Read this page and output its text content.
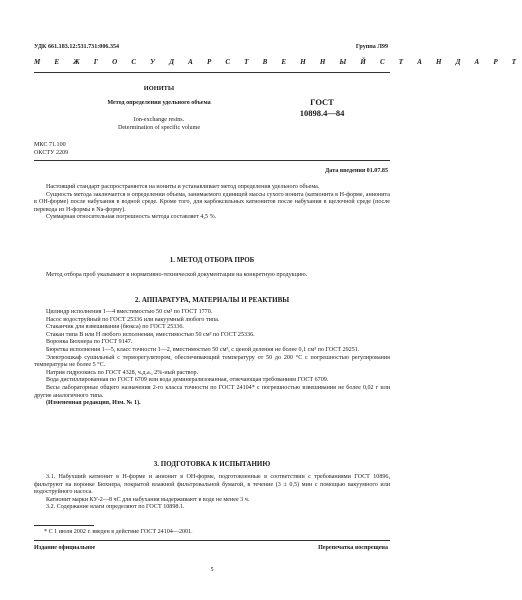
УДК 661.183.12:531.731:006.354	Группа Л99
М Е Ж Г О С У Д А Р С Т В Е Н Н Ы Й С Т А Н Д А Р Т
ИОНИТЫ
Метод определения удельного объема
Ion-exchange resins.
Determination of specific volume
ГОСТ
10898.4—84
МКС 71.100
ОКСТУ 2209
Дата введения 01.07.85

Настоящий стандарт распространяется на иониты и устанавливает метод определения удельного объема.

Сущность метода заключается в определении объема, занимаемого единицей массы сухого ионита (катионита в Н-форме, анионита в ОН-форме) после набухания в водной среде. Кроме того, для карбоксильных катионитов после набухания в щелочной среде (после перевода из Н-формы в Na-форму).

Суммарная относительная погрешность метода составляет 4,5 %.

1. МЕТОД ОТБОРА ПРОБ
Метод отбора проб указывают в нормативно-технической документации на конкретную продукцию.
2. АППАРАТУРА, МАТЕРИАЛЫ И РЕАКТИВЫ

Цилиндр исполнения 1—4 вместимостью 50 см³ по ГОСТ 1770.

Насос водоструйный по ГОСТ 25336 или вакуумный любого типа.

Стаканчик для взвешивания (бюкса) по ГОСТ 25336.

Стакан типа В или Н любого исполнения, вместимостью 50 см³ по ГОСТ 25336.

Воронка Бюхнера по ГОСТ 9147.

Бюретка исполнения 1—5, класс точности 1—2, вместимостью 50 см³, с ценой деления не более 0,1 см³ по ГОСТ 29251.

Электрошкаф сушильный с терморегулятором, обеспечивающий температуру от 50 до 200 °С с погрешностью регулирования температуры не более 5 °С.

Натрия гидроокись по ГОСТ 4328, ч.д.а., 2%-ный раствор.

Вода дистиллированная по ГОСТ 6709 или вода деминерализованная, отвечающая требованиям ГОСТ 6709.

Весы лабораторные общего назначения 2-го класса точности по ГОСТ 24104* с погрешностью взвешивания не более 0,02 г или другие аналогичного типа.

(Измененная редакция, Изм. № 1).

3. ПОДГОТОВКА К ИСПЫТАНИЮ

3.1. Набухший катионит в Н-форме и анионит в ОН-форме, подготовленные в соответствии с требованиями ГОСТ 10896, фильтруют на воронке Бюхнера, покрытой влажной фильтровальной бумагой, в течение (3 ± 0,5) мин с помощью вакуумного или водоструйного насоса.

Катионит марки КУ-2—8 чС для набухания выдерживают в воде не менее 3 ч.

3.2. Содержание влаги определяют по ГОСТ 10898.1.

* С 1 июля 2002 г. введен в действие ГОСТ 24104—2001.
Издание официальное	Перепечатка воспрещена
5
